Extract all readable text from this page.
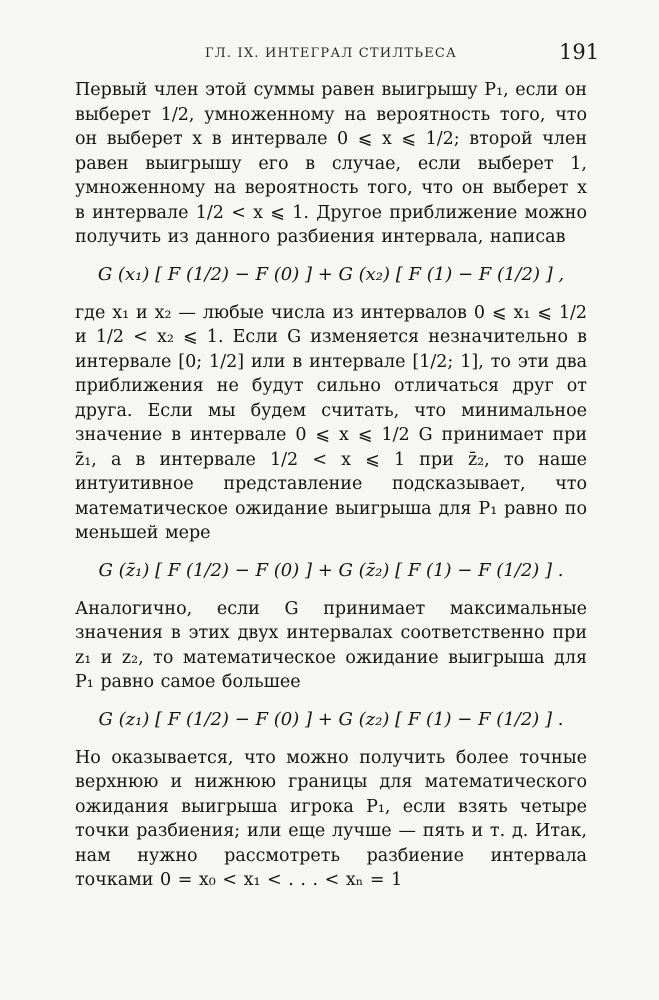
ГЛ. IX. ИНТЕГРАЛ СТИЛТЬЕСА	191

Первый член этой суммы равен выигрышу P₁, если он выберет 1/2, умноженному на вероятность того, что он выберет x в интервале 0 ⩽ x ⩽ 1/2; второй член равен выигрышу его в случае, если выберет 1, умноженному на вероятность того, что он выберет x в интервале 1/2 < x ⩽ 1. Другое приближение можно получить из данного разбиения интервала, написав

G (x₁) [ F (1/2) − F (0) ] + G (x₂) [ F (1) − F (1/2) ] ,

где x₁ и x₂ — любые числа из интервалов 0 ⩽ x₁ ⩽ 1/2 и 1/2 < x₂ ⩽ 1. Если G изменяется незначительно в интервале [0; 1/2] или в интервале [1/2; 1], то эти два приближения не будут сильно отличаться друг от друга. Если мы будем считать, что минимальное значение в интервале 0 ⩽ x ⩽ 1/2 G принимает при z̄₁, а в интервале 1/2 < x ⩽ 1 при z̄₂, то наше интуитивное представление подсказывает, что математическое ожидание выигрыша для P₁ равно по меньшей мере

G (z̄₁) [ F (1/2) − F (0) ] + G (z̄₂) [ F (1) − F (1/2) ] .

Аналогично, если G принимает максимальные значения в этих двух интервалах соответственно при z₁ и z₂, то математическое ожидание выигрыша для P₁ равно самое большее

G (z₁) [ F (1/2) − F (0) ] + G (z₂) [ F (1) − F (1/2) ] .

Но оказывается, что можно получить более точные верхнюю и нижнюю границы для математического ожидания выигрыша игрока P₁, если взять четыре точки разбиения; или еще лучше — пять и т. д. Итак, нам нужно рассмотреть разбиение интервала точками 0 = x₀ < x₁ < . . . < xₙ = 1
